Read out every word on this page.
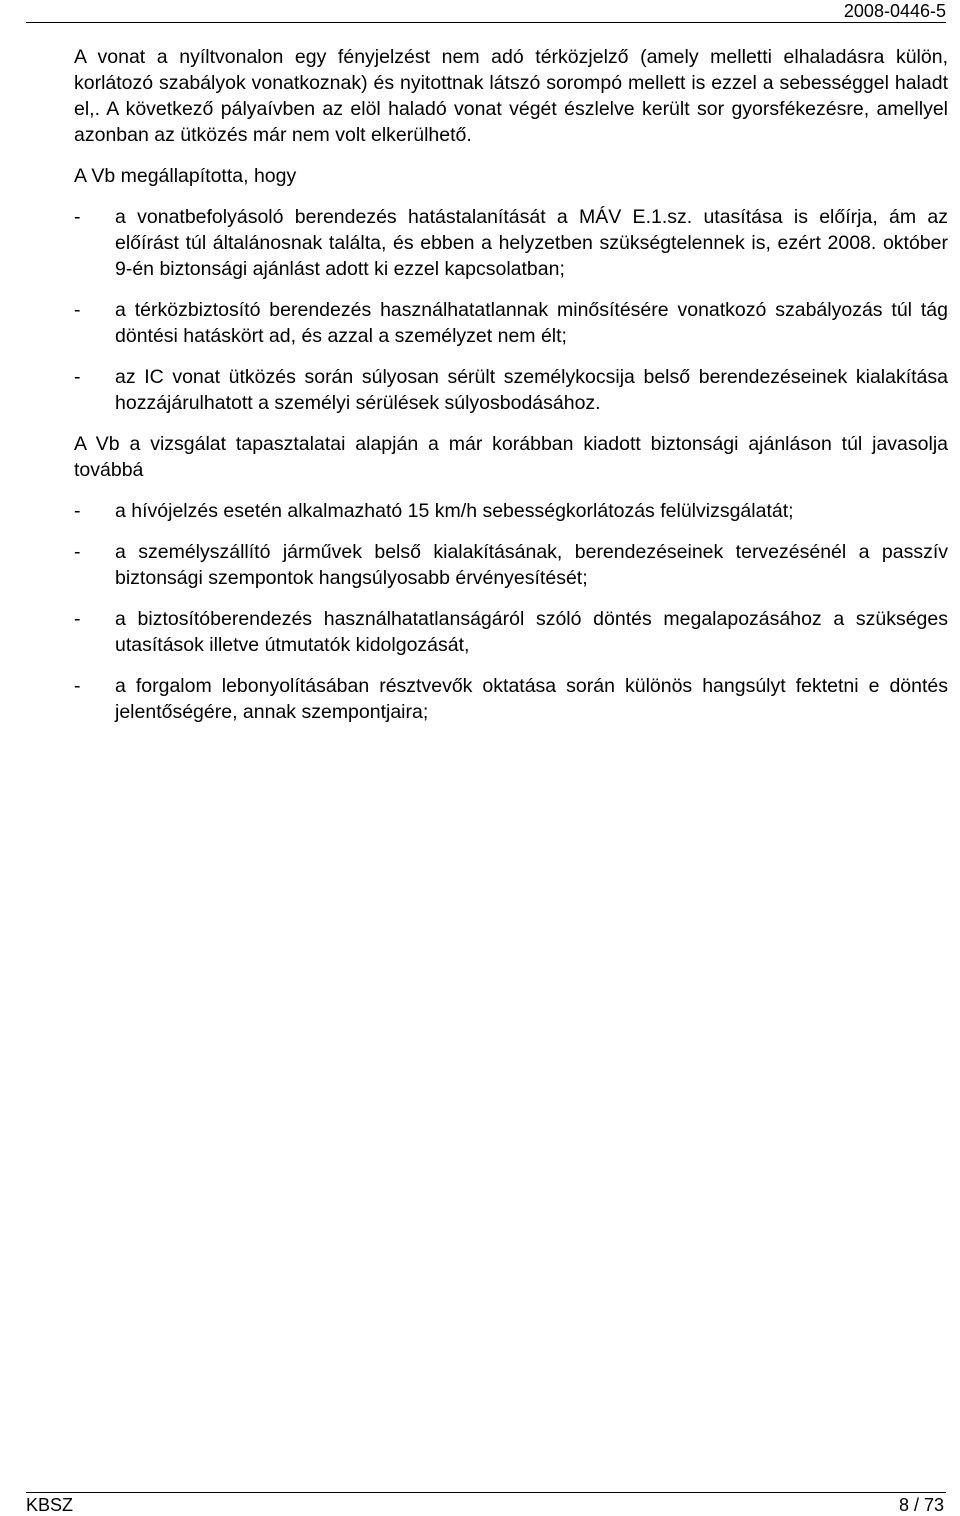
2008-0446-5

A vonat a nyíltvonalon egy fényjelzést nem adó térközjelző (amely melletti elhaladásra külön, korlátozó szabályok vonatkoznak) és nyitottnak látszó sorompó mellett is ezzel a sebességgel haladt el,. A következő pályaívben az elöl haladó vonat végét észlelve került sor gyorsfékezésre, amellyel azonban az ütközés már nem volt elkerülhető.

A Vb megállapította, hogy

- a vonatbefolyásoló berendezés hatástalanítását a MÁV E.1.sz. utasítása is előírja, ám az előírást túl általánosnak találta, és ebben a helyzetben szükségtelennek is, ezért 2008. október 9-én biztonsági ajánlást adott ki ezzel kapcsolatban;
- a térközbiztosító berendezés használhatatlannak minősítésére vonatkozó szabályozás túl tág döntési hatáskört ad, és azzal a személyzet nem élt;
- az IC vonat ütközés során súlyosan sérült személykocsija belső berendezéseinek kialakítása hozzájárulhatott a személyi sérülések súlyosbodásához.

A Vb a vizsgálat tapasztalatai alapján a már korábban kiadott biztonsági ajánláson túl javasolja továbbá

- a hívójelzés esetén alkalmazható 15 km/h sebességkorlátozás felülvizsgálatát;
- a személyszállító járművek belső kialakításának, berendezéseinek tervezésénél a passzív biztonsági szempontok hangsúlyosabb érvényesítését;
- a biztosítóberendezés használhatatlanságáról szóló döntés megalapozásához a szükséges utasítások illetve útmutatók kidolgozását,
- a forgalom lebonyolításában résztvevők oktatása során különös hangsúlyt fektetni e döntés jelentőségére, annak szempontjaira;
KBSZ	8 / 73
